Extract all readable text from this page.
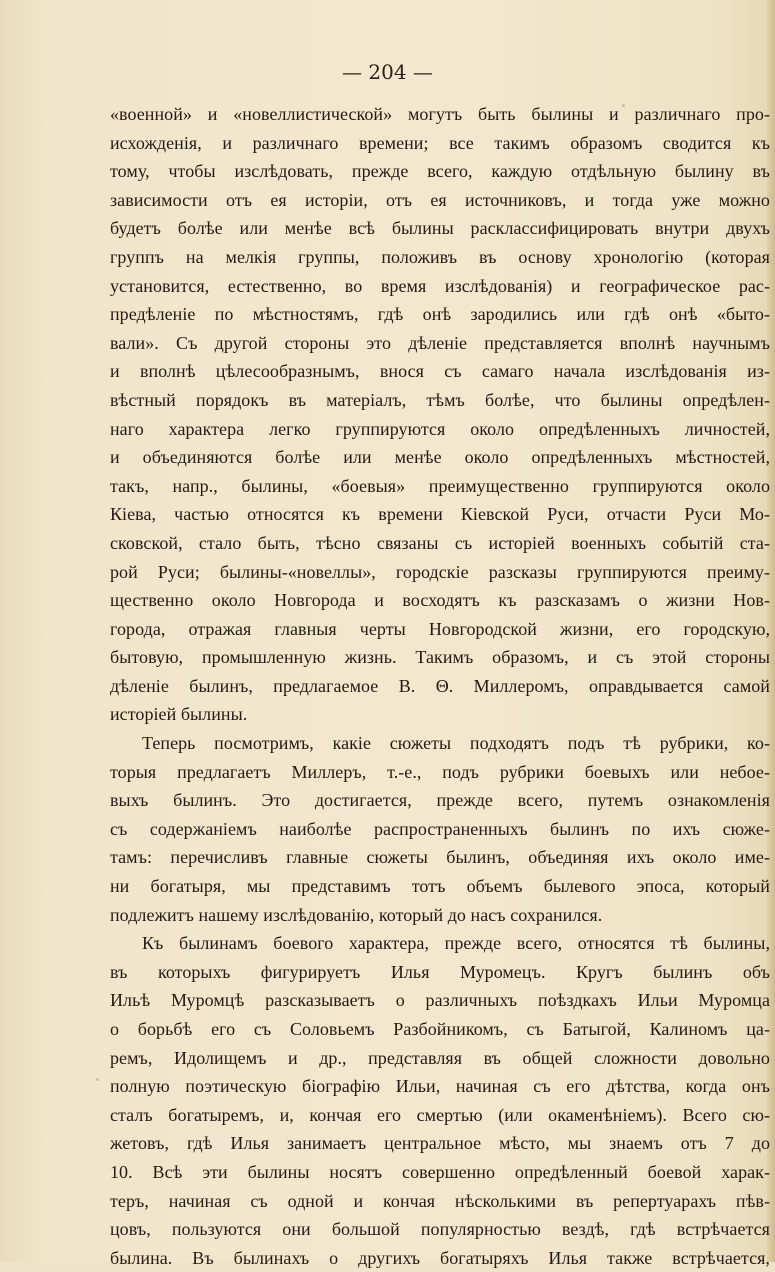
— 204 —
«военной» и «новеллистической» могутъ быть былины и различнаго про-
исхожденія, и различнаго времени; все такимъ образомъ сводится къ
тому, чтобы изслѣдовать, прежде всего, каждую отдѣльную былину въ
зависимости отъ ея исторіи, отъ ея источниковъ, и тогда уже можно
будетъ болѣе или менѣе всѣ былины расклассифицировать внутри двухъ
группъ на мелкія группы, положивъ въ основу хронологію (которая
установится, естественно, во время изслѣдованія) и географическое рас-
предѣленіе по мѣстностямъ, гдѣ онѣ зародились или гдѣ онѣ «быто-
вали». Съ другой стороны это дѣленіе представляется вполнѣ научнымъ
и вполнѣ цѣлесообразнымъ, внося съ самаго начала изслѣдованія из-
вѣстный порядокъ въ матеріалъ, тѣмъ болѣе, что былины опредѣлен-
наго характера легко группируются около опредѣленныхъ личностей,
и объединяются болѣе или менѣе около опредѣленныхъ мѣстностей,
такъ, напр., былины, «боевыя» преимущественно группируются около
Кіева, частью относятся къ времени Кіевской Руси, отчасти Руси Мо-
сковской, стало быть, тѣсно связаны съ исторіей военныхъ событій ста-
рой Руси; былины-«новеллы», городскіе разсказы группируются преиму-
щественно около Новгорода и восходятъ къ разсказамъ о жизни Нов-
города, отражая главныя черты Новгородской жизни, его городскую,
бытовую, промышленную жизнь. Такимъ образомъ, и съ этой стороны
дѣленіе былинъ, предлагаемое В. Θ. Миллеромъ, оправдывается самой
исторіей былины.
Теперь посмотримъ, какіе сюжеты подходятъ подъ тѣ рубрики, ко-
торыя предлагаетъ Миллеръ, т.-е., подъ рубрики боевыхъ или небое-
выхъ былинъ. Это достигается, прежде всего, путемъ ознакомленія
съ содержаніемъ наиболѣе распространенныхъ былинъ по ихъ сюже-
тамъ: перечисливъ главные сюжеты былинъ, объединяя ихъ около име-
ни богатыря, мы представимъ тотъ объемъ былевого эпоса, который
подлежитъ нашему изслѣдованію, который до насъ сохранился.
Къ былинамъ боевого характера, прежде всего, относятся тѣ былины,
въ которыхъ фигурируетъ Илья Муромецъ. Кругъ былинъ объ
Ильѣ Муромцѣ разсказываетъ о различныхъ поѣздкахъ Ильи Муромца
о борьбѣ его съ Соловьемъ Разбойникомъ, съ Батыгой, Калиномъ ца-
ремъ, Идолищемъ и др., представляя въ общей сложности довольно
полную поэтическую біографію Ильи, начиная съ его дѣтства, когда онъ
сталъ богатыремъ, и, кончая его смертью (или окаменѣніемъ). Всего сю-
жетовъ, гдѣ Илья занимаетъ центральное мѣсто, мы знаемъ отъ 7 до
10. Всѣ эти былины носятъ совершенно опредѣленный боевой харак-
теръ, начиная съ одной и кончая нѣсколькими въ репертуарахъ пѣв-
цовъ, пользуются они большой популярностью вездѣ, гдѣ встрѣчается
былина. Въ былинахъ о другихъ богатыряхъ Илья также встрѣчается,
